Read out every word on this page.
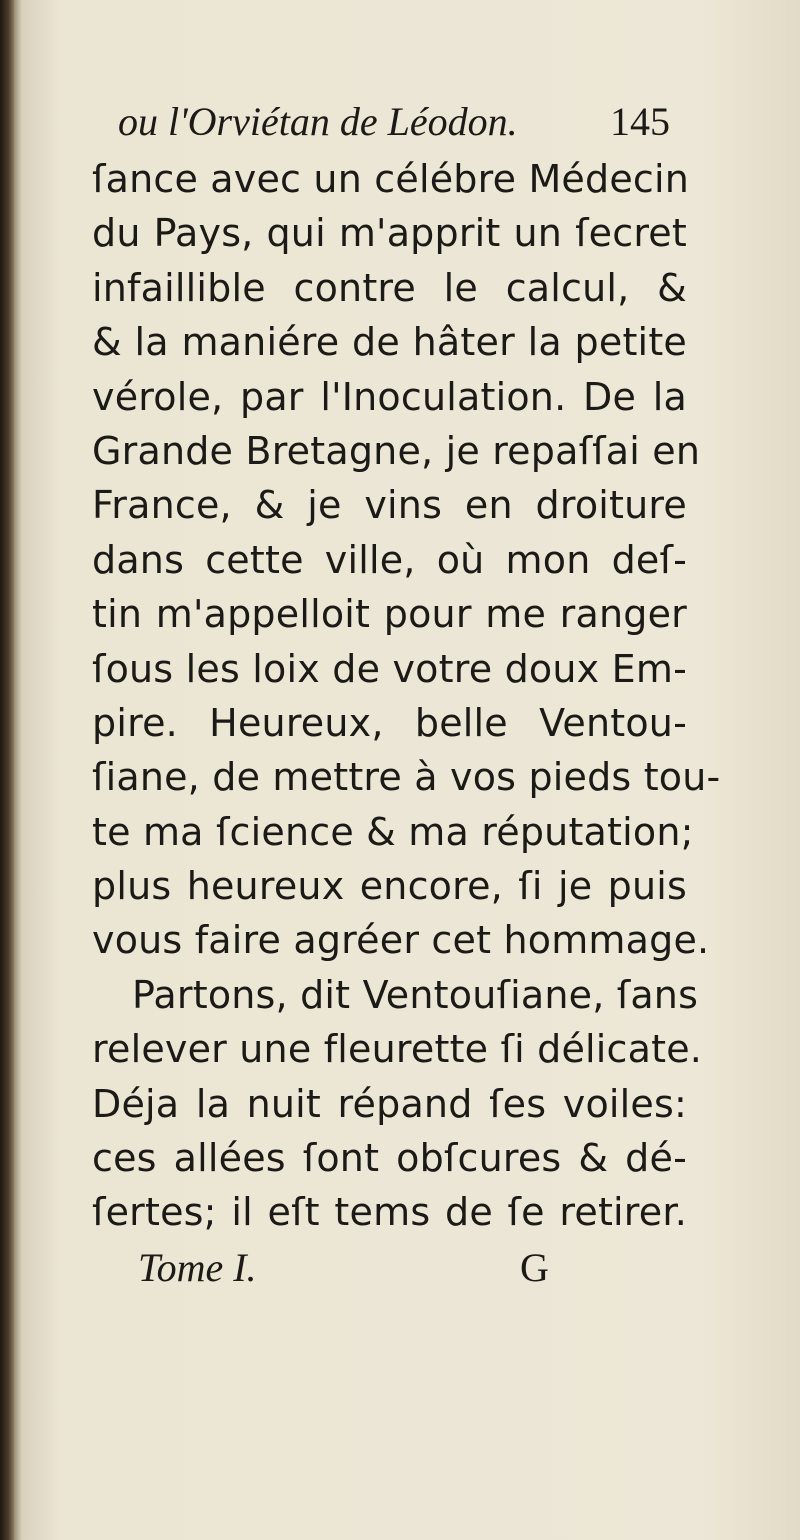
ou l'Orviétan de Léodon.	145
ſance avec un célébre Médecin
du Pays, qui m'apprit un ſecret
infaillible contre le calcul, &
& la maniére de hâter la petite
vérole, par l'Inoculation. De la
Grande Bretagne, je repaſſai en
France, & je vins en droiture
dans cette ville, où mon deſ-
tin m'appelloit pour me ranger
ſous les loix de votre doux Em-
pire. Heureux, belle Ventou-
ſiane, de mettre à vos pieds tou-
te ma ſcience & ma réputation;
plus heureux encore, ſi je puis
vous faire agréer cet hommage.
Partons, dit Ventouſiane, ſans
relever une fleurette ſi délicate.
Déja la nuit répand ſes voiles:
ces allées ſont obſcures & dé-
ſertes; il eſt tems de ſe retirer.
Tome I.	G
